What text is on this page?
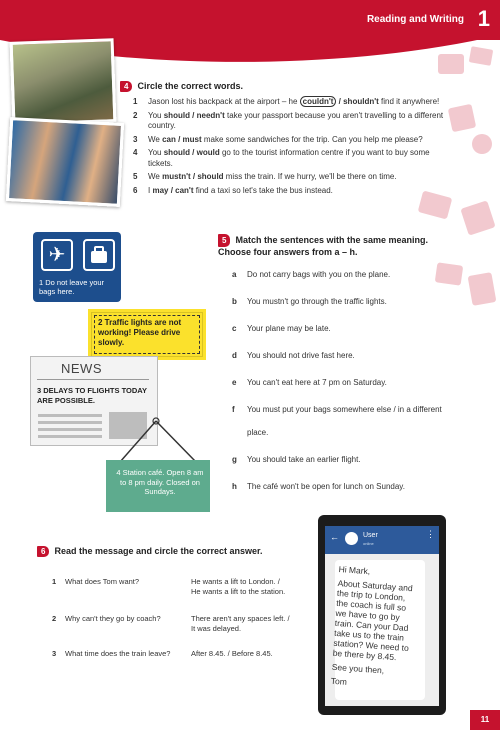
Reading and Writing 1
4 Circle the correct words.
1	Jason lost his backpack at the airport – he couldn't / shouldn't find it anywhere!
2	You should / needn't take your passport because you aren't travelling to a different country.
3	We can / must make some sandwiches for the trip. Can you help me please?
4	You should / would go to the tourist information centre if you want to buy some tickets.
5	We mustn't / should miss the train. If we hurry, we'll be there on time.
6	I may / can't find a taxi so let's take the bus instead.
✈
1 Do not leave your bags here.
2 Traffic lights are not working! Please drive slowly.
NEWS
3 DELAYS TO FLIGHTS TODAY ARE POSSIBLE.
4 Station café. Open 8 am to 8 pm daily. Closed on Sundays.
5 Match the sentences with the same meaning. Choose four answers from a – h.
a Do not carry bags with you on the plane.
b You mustn't go through the traffic lights.
c Your plane may be late.
d You should not drive fast here.
e You can't eat here at 7 pm on Saturday.
f You must put your bags somewhere else / in a different
place.
g You should take an earlier flight.
h The café won't be open for lunch on Sunday.
6 Read the message and circle the correct answer.
1 What does Tom want?	He wants a lift to London. /
He wants a lift to the station.
2 Why can't they go by coach?	There aren't any spaces left. /
It was delayed.
3 What time does the train leave?	After 8.45. / Before 8.45.
←	User
online
⋮

Hi Mark,

About Saturday and the trip to London, the coach is full so we have to go by train. Can your Dad take us to the train station? We need to be there by 8.45.

See you then,

Tom

11
